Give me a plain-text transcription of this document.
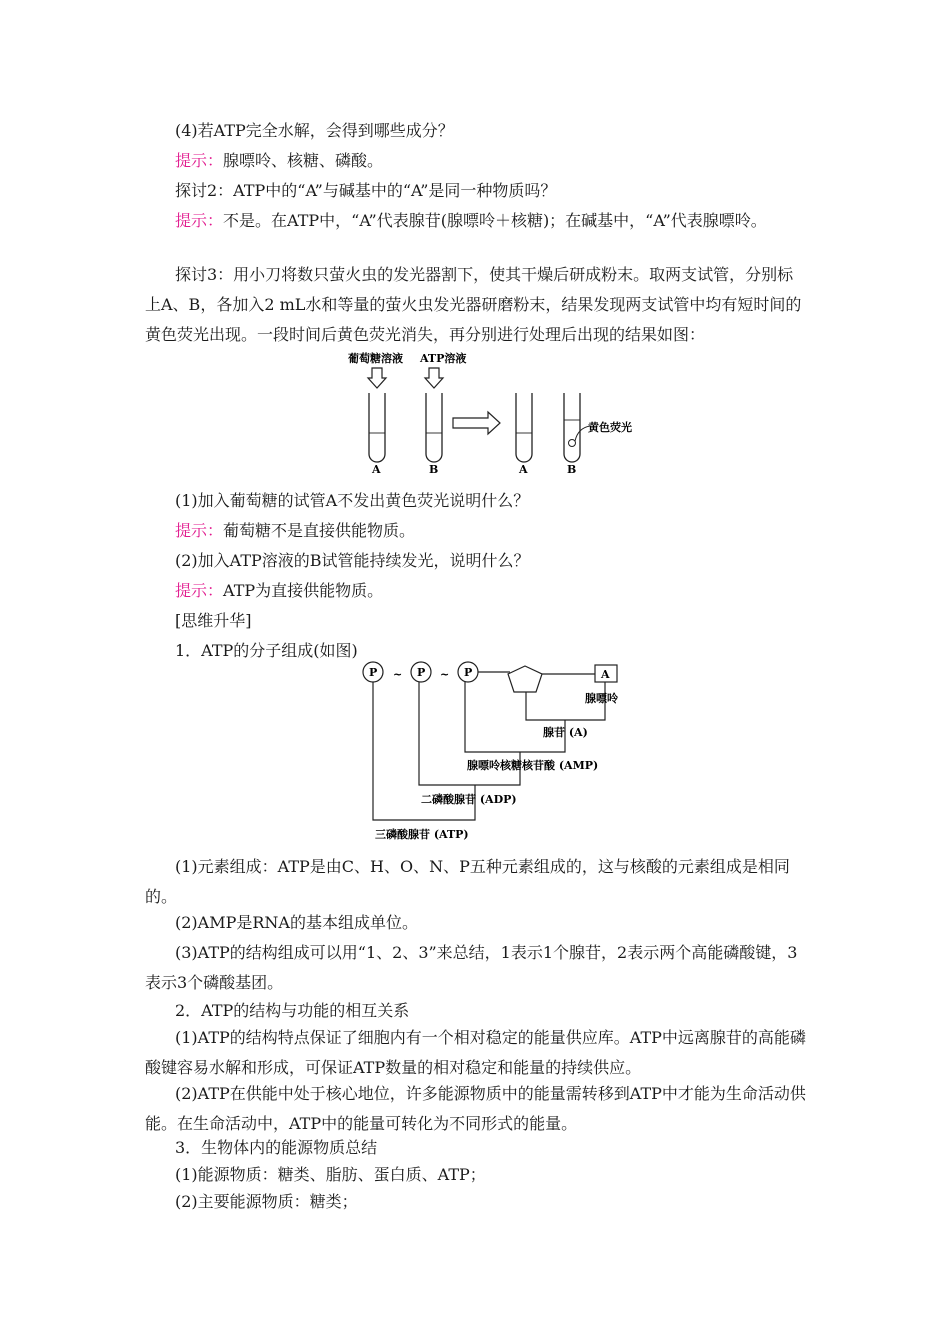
(4)若ATP完全水解，会得到哪些成分？

提示：腺嘌呤、核糖、磷酸。

探讨2：ATP中的“A”与碱基中的“A”是同一种物质吗？

提示：不是。在ATP中，“A”代表腺苷(腺嘌呤＋核糖)；在碱基中，“A”代表腺嘌呤。

探讨3：用小刀将数只萤火虫的发光器割下，使其干燥后研成粉末。取两支试管，分别标上A、B，各加入2 mL水和等量的萤火虫发光器研磨粉末，结果发现两支试管中均有短时间的黄色荧光出现。一段时间后黄色荧光消失，再分别进行处理后出现的结果如图：

葡萄糖溶液 ATP溶液
黄色荧光
A	B	A	B

(1)加入葡萄糖的试管A不发出黄色荧光说明什么？

提示：葡萄糖不是直接供能物质。

(2)加入ATP溶液的B试管能持续发光，说明什么？

提示：ATP为直接供能物质。

[思维升华]

1．ATP的分子组成(如图)

P	P	P
~	~	A
腺嘌呤
腺苷 (A)
腺嘌呤核糖核苷酸 (AMP)
二磷酸腺苷 (ADP)
三磷酸腺苷 (ATP)

(1)元素组成：ATP是由C、H、O、N、P五种元素组成的，这与核酸的元素组成是相同的。

(2)AMP是RNA的基本组成单位。

(3)ATP的结构组成可以用“1、2、3”来总结，1表示1个腺苷，2表示两个高能磷酸键，3表示3个磷酸基团。

2．ATP的结构与功能的相互关系

(1)ATP的结构特点保证了细胞内有一个相对稳定的能量供应库。ATP中远离腺苷的高能磷酸键容易水解和形成，可保证ATP数量的相对稳定和能量的持续供应。

(2)ATP在供能中处于核心地位，许多能源物质中的能量需转移到ATP中才能为生命活动供能。在生命活动中，ATP中的能量可转化为不同形式的能量。

3．生物体内的能源物质总结

(1)能源物质：糖类、脂肪、蛋白质、ATP；

(2)主要能源物质：糖类；
